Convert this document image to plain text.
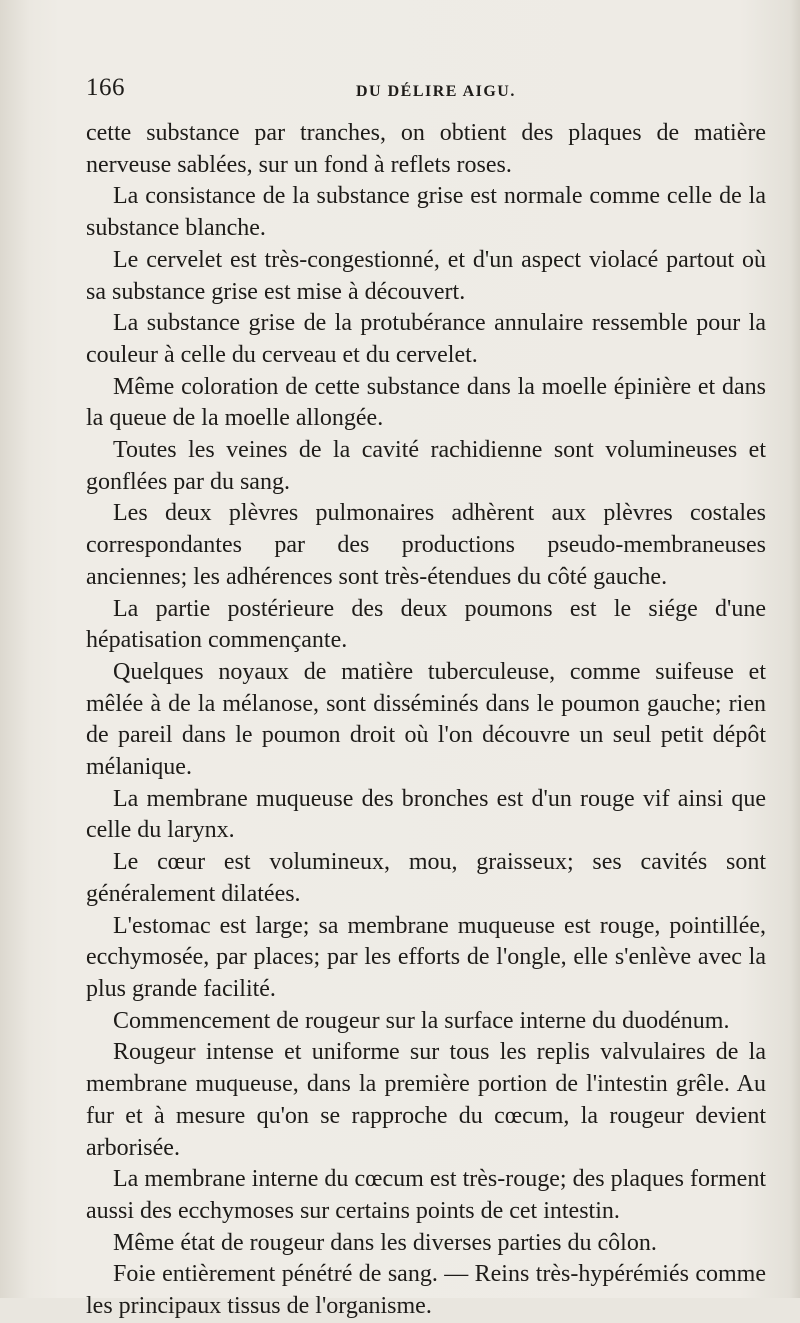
166	DU DÉLIRE AIGU.

cette substance par tranches, on obtient des plaques de matière nerveuse sablées, sur un fond à reflets roses.

La consistance de la substance grise est normale comme celle de la substance blanche.

Le cervelet est très-congestionné, et d'un aspect violacé partout où sa substance grise est mise à découvert.

La substance grise de la protubérance annulaire ressemble pour la couleur à celle du cerveau et du cervelet.

Même coloration de cette substance dans la moelle épinière et dans la queue de la moelle allongée.

Toutes les veines de la cavité rachidienne sont volumineuses et gonflées par du sang.

Les deux plèvres pulmonaires adhèrent aux plèvres costales correspondantes par des productions pseudo-membraneuses anciennes; les adhérences sont très-étendues du côté gauche.

La partie postérieure des deux poumons est le siége d'une hépatisation commençante.

Quelques noyaux de matière tuberculeuse, comme suifeuse et mêlée à de la mélanose, sont disséminés dans le poumon gauche; rien de pareil dans le poumon droit où l'on découvre un seul petit dépôt mélanique.

La membrane muqueuse des bronches est d'un rouge vif ainsi que celle du larynx.

Le cœur est volumineux, mou, graisseux; ses cavités sont généralement dilatées.

L'estomac est large; sa membrane muqueuse est rouge, pointillée, ecchymosée, par places; par les efforts de l'ongle, elle s'enlève avec la plus grande facilité.

Commencement de rougeur sur la surface interne du duodénum.

Rougeur intense et uniforme sur tous les replis valvulaires de la membrane muqueuse, dans la première portion de l'intestin grêle. Au fur et à mesure qu'on se rapproche du cœcum, la rougeur devient arborisée.

La membrane interne du cœcum est très-rouge; des plaques forment aussi des ecchymoses sur certains points de cet intestin.

Même état de rougeur dans les diverses parties du côlon.

Foie entièrement pénétré de sang. — Reins très-hypérémiés comme les principaux tissus de l'organisme.
